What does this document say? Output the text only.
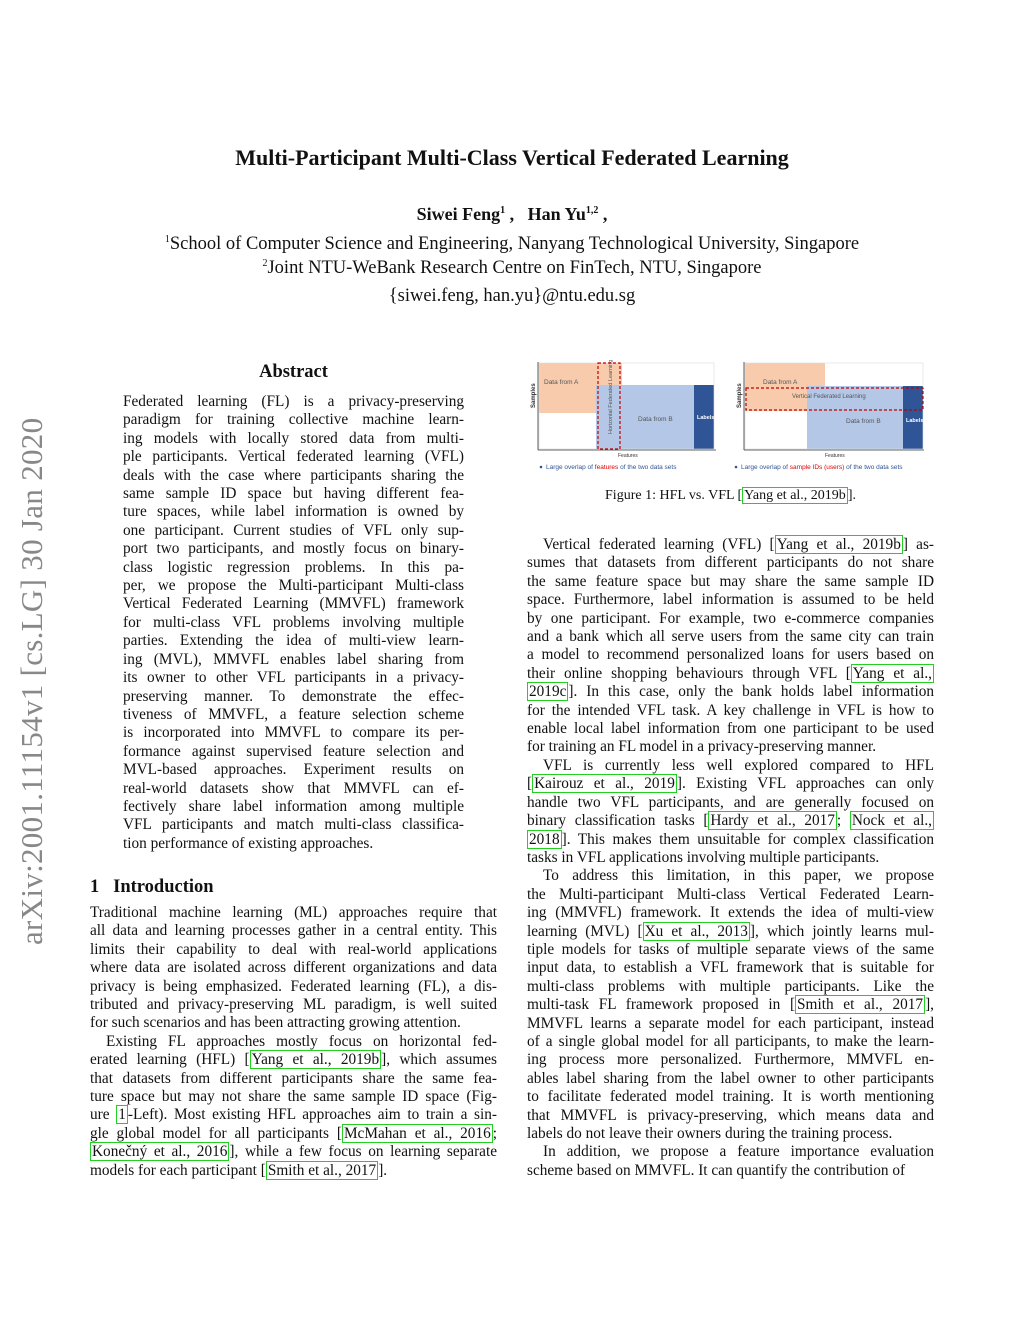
arXiv:2001.11154v1 [cs.LG] 30 Jan 2020
Multi-Participant Multi-Class Vertical Federated Learning
Siwei Feng$^1$ ,   Han Yu$^{1,2}$ ,
$^1$School of Computer Science and Engineering, Nanyang Technological University, Singapore
$^2$Joint NTU-WeBank Research Centre on FinTech, NTU, Singapore
{siwei.feng, han.yu}@ntu.edu.sg
Abstract

Federated learning (FL) is a privacy-preserving

paradigm for training collective machine learn-

ing models with locally stored data from multi-

ple participants. Vertical federated learning (VFL)

deals with the case where participants sharing the

same sample ID space but having different fea-

ture spaces, while label information is owned by

one participant. Current studies of VFL only sup-

port two participants, and mostly focus on binary-

class logistic regression problems. In this pa-

per, we propose the Multi-participant Multi-class

Vertical Federated Learning (MMVFL) framework

for multi-class VFL problems involving multiple

parties. Extending the idea of multi-view learn-

ing (MVL), MMVFL enables label sharing from

its owner to other VFL participants in a privacy-

preserving manner. To demonstrate the effec-

tiveness of MMVFL, a feature selection scheme

is incorporated into MMVFL to compare its per-

formance against supervised feature selection and

MVL-based approaches. Experiment results on

real-world datasets show that MMVFL can ef-

fectively share label information among multiple

VFL participants and match multi-class classifica-

tion performance of existing approaches.

1 Introduction

Traditional machine learning (ML) approaches require that

all data and learning processes gather in a central entity. This

limits their capability to deal with real-world applications

where data are isolated across different organizations and data

privacy is being emphasized. Federated learning (FL), a dis-

tributed and privacy-preserving ML paradigm, is well suited

for such scenarios and has been attracting growing attention.

Existing FL approaches mostly focus on horizontal fed-

erated learning (HFL) [ Yang et al., 2019b ], which assumes

that datasets from different participants share the same fea-

ture space but may not share the same sample ID space (Fig-

ure 1 -Left). Most existing HFL approaches aim to train a sin-

gle global model for all participants [ McMahan et al., 2016 ;

Konečný et al., 2016 ], while a few focus on learning separate

models for each participant [ Smith et al., 2017 ].

Samples
Data from A
Data from B	Labels
Horizontal Federated Learning
Features
Large overlap of features of the two data sets
Samples
Data from A
Vertical Federated Learning
Data from B	Labels
Features
Large overlap of sample IDs (users) of the two data sets
Figure 1: HFL vs. VFL [ Yang et al., 2019b ].

Vertical federated learning (VFL) [ Yang et al., 2019b ] as-

sumes that datasets from different participants do not share

the same feature space but may share the same sample ID

space. Furthermore, label information is assumed to be held

by one participant. For example, two e-commerce companies

and a bank which all serve users from the same city can train

a model to recommend personalized loans for users based on

their online shopping behaviours through VFL [ Yang et al.,

2019c ]. In this case, only the bank holds label information

for the intended VFL task. A key challenge in VFL is how to

enable local label information from one participant to be used

for training an FL model in a privacy-preserving manner.

VFL is currently less well explored compared to HFL

[ Kairouz et al., 2019 ]. Existing VFL approaches can only

handle two VFL participants, and are generally focused on

binary classification tasks [ Hardy et al., 2017 ; Nock et al.,

2018 ]. This makes them unsuitable for complex classification

tasks in VFL applications involving multiple participants.

To address this limitation, in this paper, we propose

the Multi-participant Multi-class Vertical Federated Learn-

ing (MMVFL) framework. It extends the idea of multi-view

learning (MVL) [ Xu et al., 2013 ], which jointly learns mul-

tiple models for tasks of multiple separate views of the same

input data, to establish a VFL framework that is suitable for

multi-class problems with multiple participants. Like the

multi-task FL framework proposed in [ Smith et al., 2017 ],

MMVFL learns a separate model for each participant, instead

of a single global model for all participants, to make the learn-

ing process more personalized. Furthermore, MMVFL en-

ables label sharing from the label owner to other participants

to facilitate federated model training. It is worth mentioning

that MMVFL is privacy-preserving, which means data and

labels do not leave their owners during the training process.

In addition, we propose a feature importance evaluation

scheme based on MMVFL. It can quantify the contribution of
